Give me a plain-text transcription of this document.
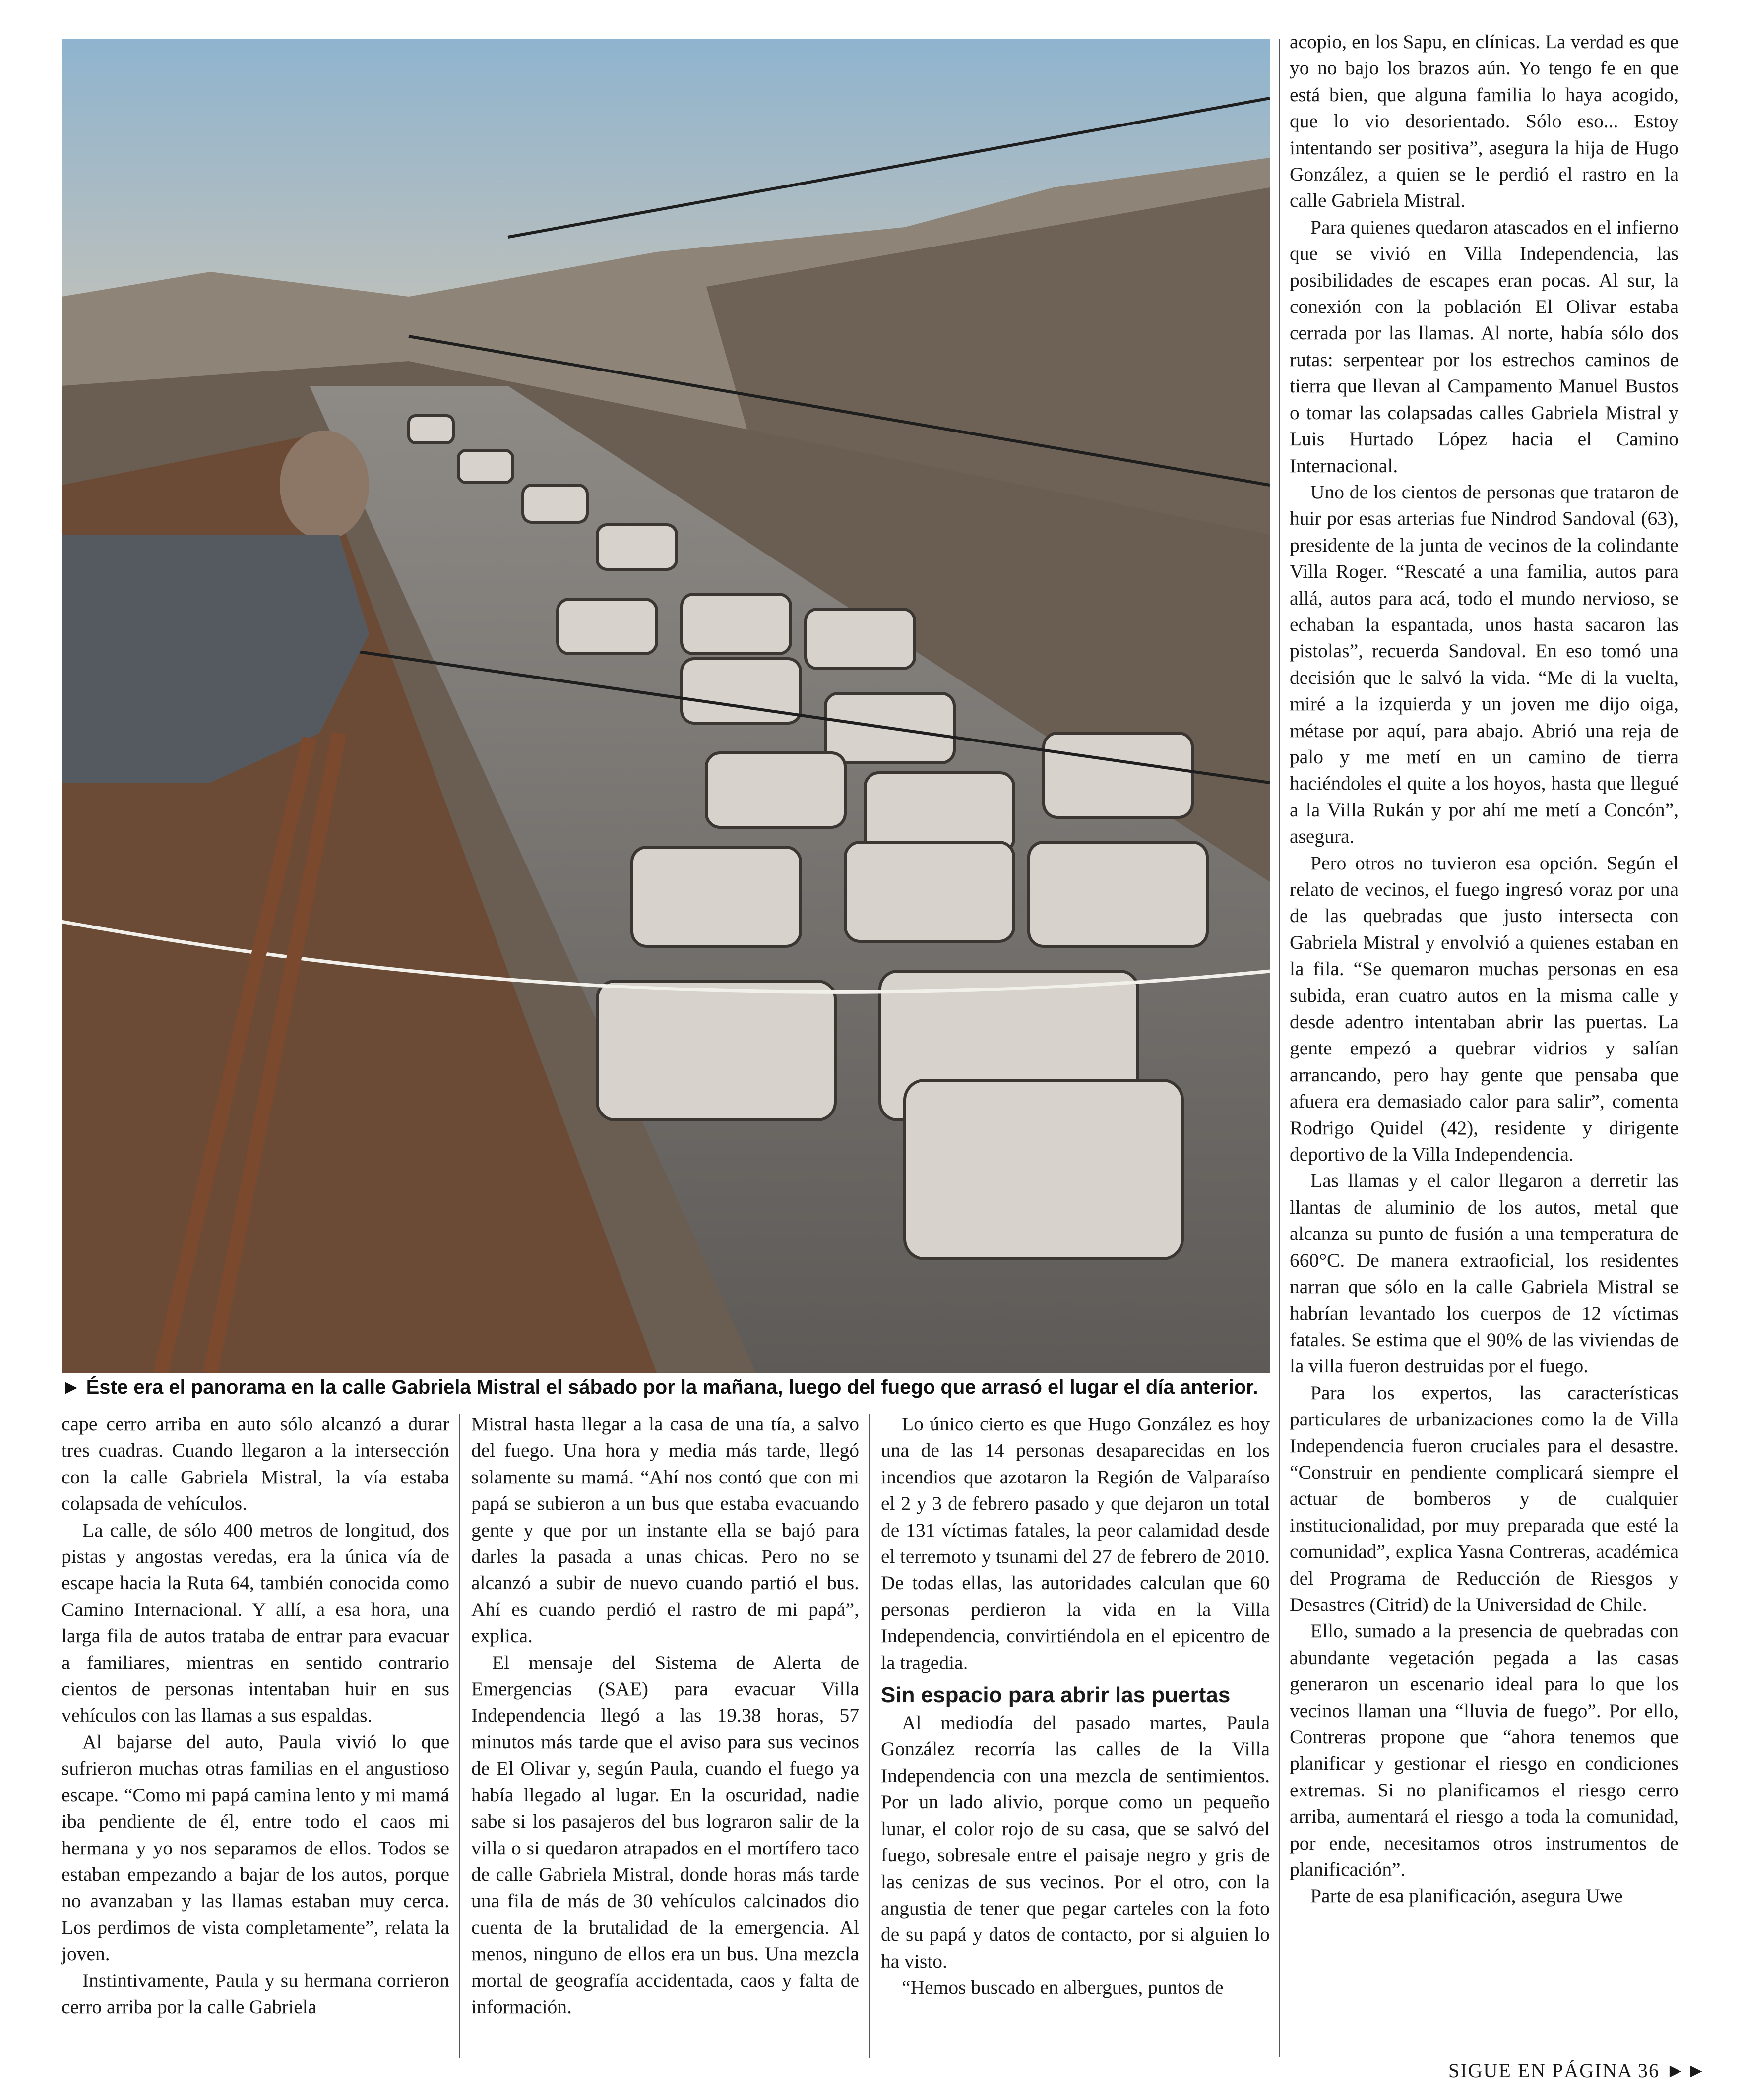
► Éste era el panorama en la calle Gabriela Mistral el sábado por la mañana, luego del fuego que arrasó el lugar el día anterior.

cape cerro arriba en auto sólo alcanzó a durar tres cuadras. Cuando llegaron a la intersección con la calle Gabriela Mistral, la vía estaba colapsada de vehículos.

La calle, de sólo 400 metros de longitud, dos pistas y angostas veredas, era la única vía de escape hacia la Ruta 64, también conocida como Camino Internacional. Y allí, a esa hora, una larga fila de autos trataba de entrar para evacuar a familiares, mientras en sentido contrario cientos de personas intentaban huir en sus vehículos con las llamas a sus espaldas.

Al bajarse del auto, Paula vivió lo que sufrieron muchas otras familias en el angustioso escape. “Como mi papá camina lento y mi mamá iba pendiente de él, entre todo el caos mi hermana y yo nos separamos de ellos. Todos se estaban empezando a bajar de los autos, porque no avanzaban y las llamas estaban muy cerca. Los perdimos de vista completamente”, relata la joven.

Instintivamente, Paula y su hermana corrieron cerro arriba por la calle Gabriela

Mistral hasta llegar a la casa de una tía, a salvo del fuego. Una hora y media más tarde, llegó solamente su mamá. “Ahí nos contó que con mi papá se subieron a un bus que estaba evacuando gente y que por un instante ella se bajó para darles la pasada a unas chicas. Pero no se alcanzó a subir de nuevo cuando partió el bus. Ahí es cuando perdió el rastro de mi papá”, explica.

El mensaje del Sistema de Alerta de Emergencias (SAE) para evacuar Villa Independencia llegó a las 19.38 horas, 57 minutos más tarde que el aviso para sus vecinos de El Olivar y, según Paula, cuando el fuego ya había llegado al lugar. En la oscuridad, nadie sabe si los pasajeros del bus lograron salir de la villa o si quedaron atrapados en el mortífero taco de calle Gabriela Mistral, donde horas más tarde una fila de más de 30 vehículos calcinados dio cuenta de la brutalidad de la emergencia. Al menos, ninguno de ellos era un bus. Una mezcla mortal de geografía accidentada, caos y falta de información.

Lo único cierto es que Hugo González es hoy una de las 14 personas desaparecidas en los incendios que azotaron la Región de Valparaíso el 2 y 3 de febrero pasado y que dejaron un total de 131 víctimas fatales, la peor calamidad desde el terremoto y tsunami del 27 de febrero de 2010. De todas ellas, las autoridades calculan que 60 personas perdieron la vida en la Villa Independencia, convirtiéndola en el epicentro de la tragedia.

Sin espacio para abrir las puertas

Al mediodía del pasado martes, Paula González recorría las calles de la Villa Independencia con una mezcla de sentimientos. Por un lado alivio, porque como un pequeño lunar, el color rojo de su casa, que se salvó del fuego, sobresale entre el paisaje negro y gris de las cenizas de sus vecinos. Por el otro, con la angustia de tener que pegar carteles con la foto de su papá y datos de contacto, por si alguien lo ha visto.

“Hemos buscado en albergues, puntos de

acopio, en los Sapu, en clínicas. La verdad es que yo no bajo los brazos aún. Yo tengo fe en que está bien, que alguna familia lo haya acogido, que lo vio desorientado. Sólo eso... Estoy intentando ser positiva”, asegura la hija de Hugo González, a quien se le perdió el rastro en la calle Gabriela Mistral.

Para quienes quedaron atascados en el infierno que se vivió en Villa Independencia, las posibilidades de escapes eran pocas. Al sur, la conexión con la población El Olivar estaba cerrada por las llamas. Al norte, había sólo dos rutas: serpentear por los estrechos caminos de tierra que llevan al Campamento Manuel Bustos o tomar las colapsadas calles Gabriela Mistral y Luis Hurtado López hacia el Camino Internacional.

Uno de los cientos de personas que trataron de huir por esas arterias fue Nindrod Sandoval (63), presidente de la junta de vecinos de la colindante Villa Roger. “Rescaté a una familia, autos para allá, autos para acá, todo el mundo nervioso, se echaban la espantada, unos hasta sacaron las pistolas”, recuerda Sandoval. En eso tomó una decisión que le salvó la vida. “Me di la vuelta, miré a la izquierda y un joven me dijo oiga, métase por aquí, para abajo. Abrió una reja de palo y me metí en un camino de tierra haciéndoles el quite a los hoyos, hasta que llegué a la Villa Rukán y por ahí me metí a Concón”, asegura.

Pero otros no tuvieron esa opción. Según el relato de vecinos, el fuego ingresó voraz por una de las quebradas que justo intersecta con Gabriela Mistral y envolvió a quienes estaban en la fila. “Se quemaron muchas personas en esa subida, eran cuatro autos en la misma calle y desde adentro intentaban abrir las puertas. La gente empezó a quebrar vidrios y salían arrancando, pero hay gente que pensaba que afuera era demasiado calor para salir”, comenta Rodrigo Quidel (42), residente y dirigente deportivo de la Villa Independencia.

Las llamas y el calor llegaron a derretir las llantas de aluminio de los autos, metal que alcanza su punto de fusión a una temperatura de 660°C. De manera extraoficial, los residentes narran que sólo en la calle Gabriela Mistral se habrían levantado los cuerpos de 12 víctimas fatales. Se estima que el 90% de las viviendas de la villa fueron destruidas por el fuego.

Para los expertos, las características particulares de urbanizaciones como la de Villa Independencia fueron cruciales para el desastre. “Construir en pendiente complicará siempre el actuar de bomberos y de cualquier institucionalidad, por muy preparada que esté la comunidad”, explica Yasna Contreras, académica del Programa de Reducción de Riesgos y Desastres (Citrid) de la Universidad de Chile.

Ello, sumado a la presencia de quebradas con abundante vegetación pegada a las casas generaron un escenario ideal para lo que los vecinos llaman una “lluvia de fuego”. Por ello, Contreras propone que “ahora tenemos que planificar y gestionar el riesgo en condiciones extremas. Si no planificamos el riesgo cerro arriba, aumentará el riesgo a toda la comunidad, por ende, necesitamos otros instrumentos de planificación”.

Parte de esa planificación, asegura Uwe

SIGUE EN PÁGINA 36 ►►
